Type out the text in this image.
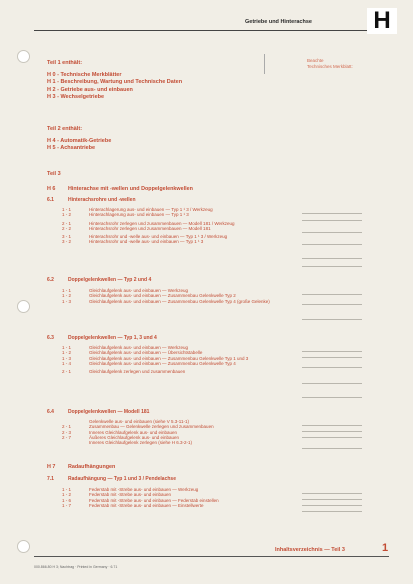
Getriebe und Hinterachse	H
Beachte
Technisches Merkblatt:
Teil 1 enthält:
H 0 - Technische Merkblätter
H 1 - Beschreibung, Wartung und Technische Daten
H 2 - Getriebe aus- und einbauen
H 3 - Wechselgetriebe
Teil 2 enthält:
H 4 - Automatik-Getriebe
H 5 - Achsantriebe
Teil 3
H 6 Hinterachse mit -wellen und Doppelgelenkwellen
6.1	Hinterachsrohre und -wellen
1 - 1	Hinterachlagerung aus- und einbauen — Typ 1 ¹ 3 / Werkzeug
1 - 2	Hinterachlagerung aus- und einbauen — Typ 1 ¹ 3
2 - 1	Hinterachsrohr zerlegen und zusammenbauen — Modell 181 / Werkzeug
2 - 2	Hinterachsrohr zerlegen und zusammenbauen — Modell 181
3 - 1	Hinterachsrohr und -welle aus- und einbauen — Typ 1 ¹ 3 / Werkzeug
3 - 2	Hinterachsrohr und -welle aus- und einbauen — Typ 1 ¹ 3
6.2	Doppelgelenkwellen — Typ 2 und 4
1 - 1	Gleichlaufgelenk aus- und einbauen — Werkzeug
1 - 2	Gleichlaufgelenk aus- und einbauen — Zusammenbau Gelenkwelle Typ 2
1 - 3	Gleichlaufgelenk aus- und einbauen — Zusammenbau Gelenkwelle Typ 4 (große Gelenke)
6.3	Doppelgelenkwellen — Typ 1, 3 und 4
1 - 1	Gleichlaufgelenk aus- und einbauen — Werkzeug
1 - 2	Gleichlaufgelenk aus- und einbauen — Übersichtstabelle
1 - 3	Gleichlaufgelenk aus- und einbauen — Zusammenbau Gelenkwelle Typ 1 und 3
1 - 4	Gleichlaufgelenk aus- und einbauen — Zusammenbau Gelenkwelle Typ 4
2 - 1	Gleichlaufgelenk zerlegen und zusammenbauen
6.4	Doppelgelenkwellen — Modell 181
Gelenkwelle aus- und einbauen (siehe V 5.3-11-1)
2 - 1	Zusammenbau — Gelenkwelle zerlegen und zusammenbauen
2 - 3	Inneres Gleichlaufgelenk aus- und einbauen
2 - 7	Äußeres Gleichlaufgelenk aus- und einbauen
Inneres Gleichlaufgelenk zerlegen (siehe H 6.3-2-1)
H 7 Radaufhängungen
7.1	Radaufhängung — Typ 1 und 3 / Pendelachse
1 - 1	Federstab mit -Strebe aus- und einbauen — Werkzeug
1 - 2	Federstab mit -Strebe aus- und einbauen
1 - 6	Federstab mit -Strebe aus- und einbauen — Federstab einstellen
1 - 7	Federstab mit -Strebe aus- und einbauen — Einstellwerte
Inhaltsverzeichnis — Teil 3	1
000.866.80 H 3; Nachtrag · Printed in Germany · 6.71
